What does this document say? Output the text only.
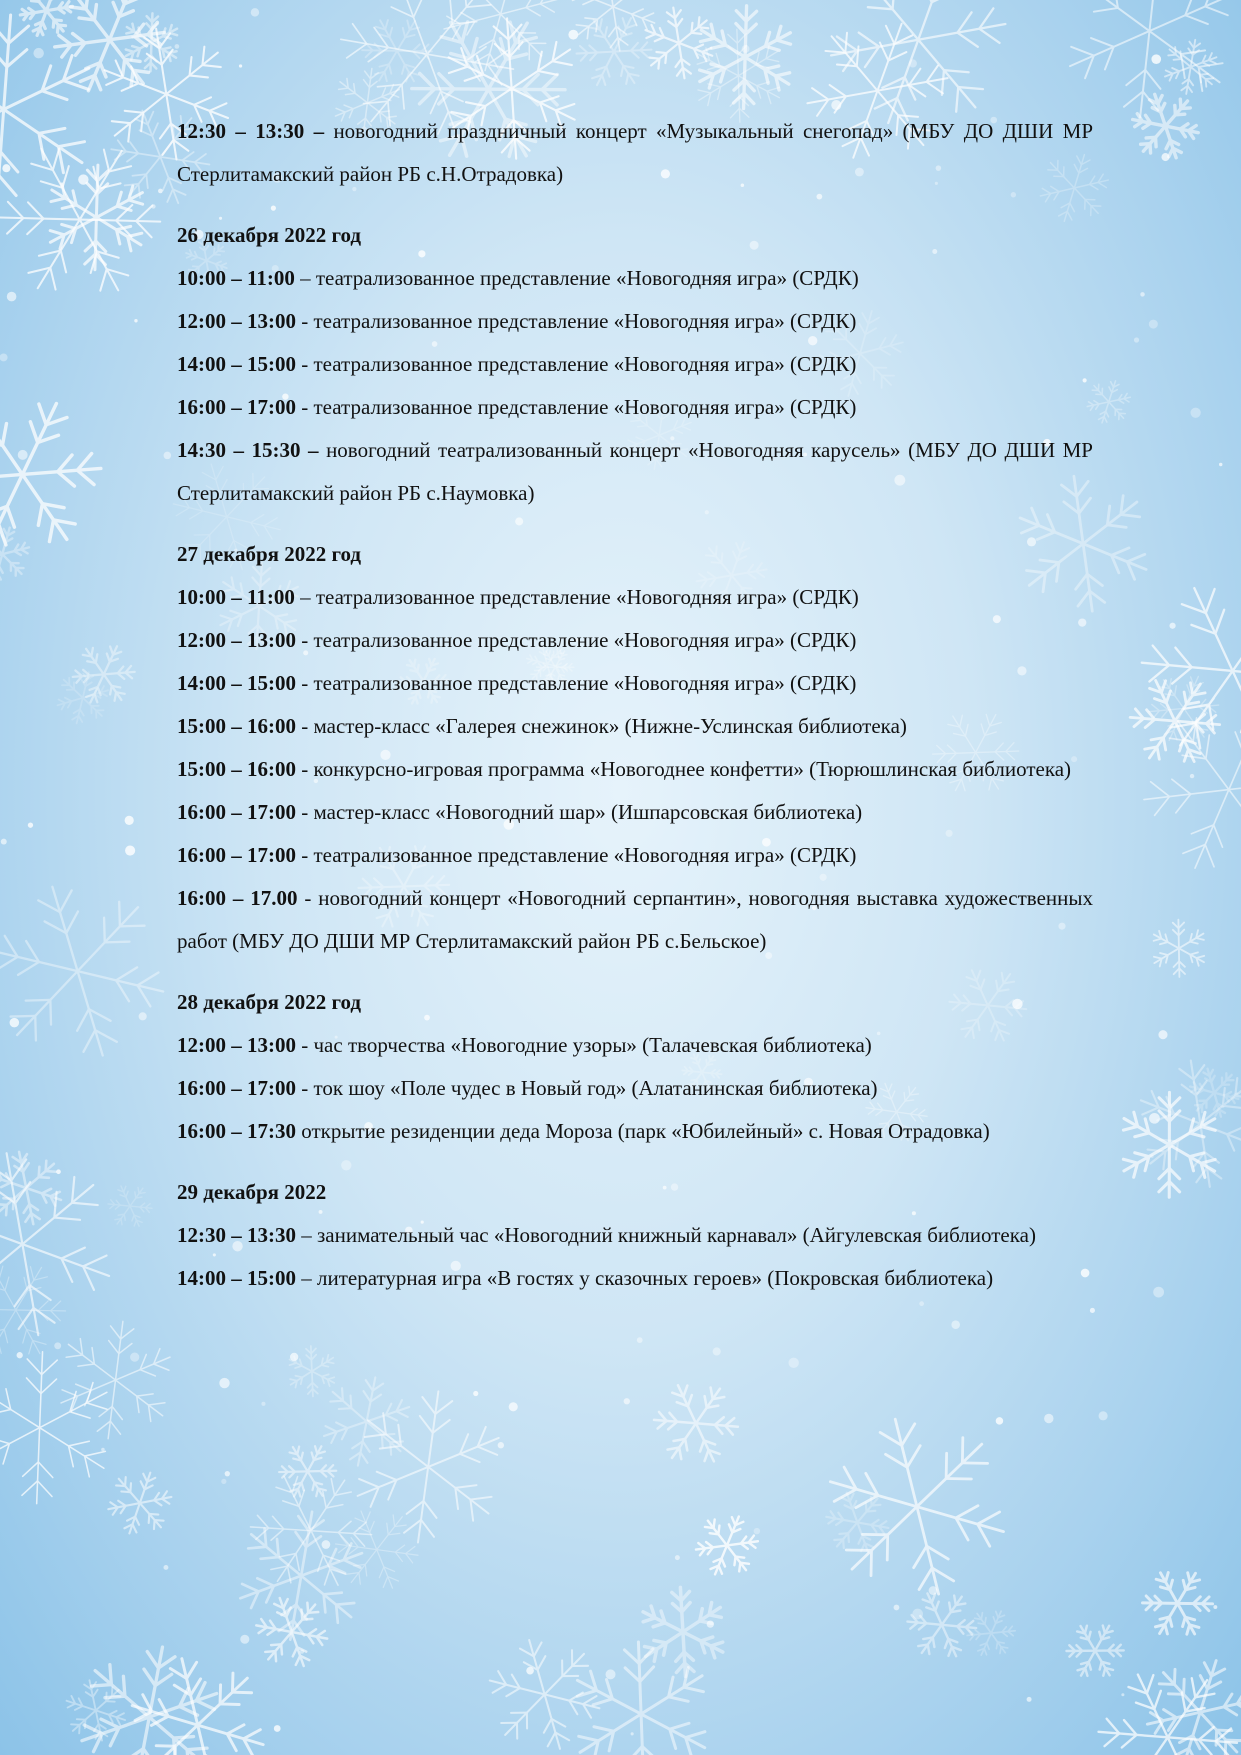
12:30 – 13:30 – новогодний праздничный концерт «Музыкальный снегопад» (МБУ ДО ДШИ МР Стерлитамакский район РБ с.Н.Отрадовка)

26 декабря 2022 год

10:00 – 11:00 – театрализованное представление «Новогодняя игра» (СРДК)

12:00 – 13:00 - театрализованное представление «Новогодняя игра» (СРДК)

14:00 – 15:00 - театрализованное представление «Новогодняя игра» (СРДК)

16:00 – 17:00 - театрализованное представление «Новогодняя игра» (СРДК)

14:30 – 15:30 – новогодний театрализованный концерт «Новогодняя карусель» (МБУ ДО ДШИ МР Стерлитамакский район РБ с.Наумовка)

27 декабря 2022 год

10:00 – 11:00 – театрализованное представление «Новогодняя игра» (СРДК)

12:00 – 13:00 - театрализованное представление «Новогодняя игра» (СРДК)

14:00 – 15:00 - театрализованное представление «Новогодняя игра» (СРДК)

15:00 – 16:00 - мастер-класс «Галерея снежинок» (Нижне-Услинская библиотека)

15:00 – 16:00 - конкурсно-игровая программа «Новогоднее конфетти» (Тюрюшлинская библиотека)

16:00 – 17:00 - мастер-класс «Новогодний шар» (Ишпарсовская библиотека)

16:00 – 17:00 - театрализованное представление «Новогодняя игра» (СРДК)

16:00 – 17.00 - новогодний концерт «Новогодний серпантин», новогодняя выставка художественных работ (МБУ ДО ДШИ МР Стерлитамакский район РБ с.Бельское)

28 декабря 2022 год

12:00 – 13:00 - час творчества «Новогодние узоры» (Талачевская библиотека)

16:00 – 17:00 - ток шоу «Поле чудес в Новый год» (Алатанинская библиотека)

16:00 – 17:30 открытие резиденции деда Мороза (парк «Юбилейный» с. Новая Отрадовка)

29 декабря 2022

12:30 – 13:30 – занимательный час «Новогодний книжный карнавал» (Айгулевская библиотека)

14:00 – 15:00 – литературная игра «В гостях у сказочных героев» (Покровская библиотека)
